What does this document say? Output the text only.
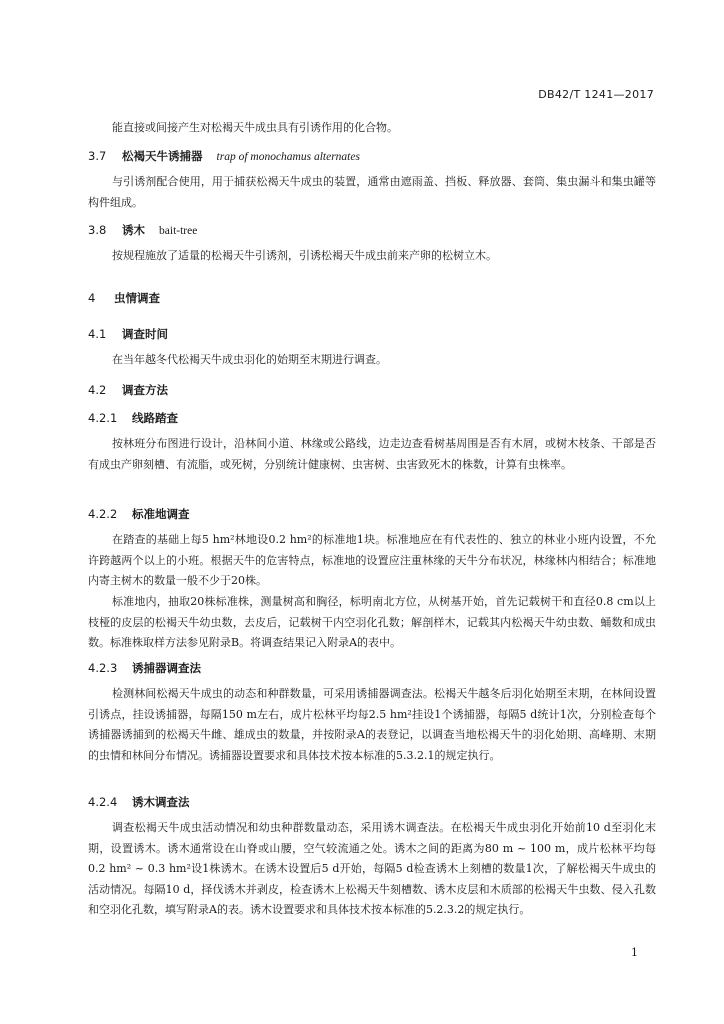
DB42/T 1241—2017
能直接或间接产生对松褐天牛成虫具有引诱作用的化合物。
3.7 松褐天牛诱捕器 trap of monochamus alternates
与引诱剂配合使用，用于捕获松褐天牛成虫的装置，通常由遮雨盖、挡板、释放器、套筒、集虫漏斗和集虫罐等构件组成。
3.8 诱木 bait-tree
按规程施放了适量的松褐天牛引诱剂，引诱松褐天牛成虫前来产卵的松树立木。
4 虫情调查
4.1 调查时间
在当年越冬代松褐天牛成虫羽化的始期至末期进行调查。
4.2 调查方法
4.2.1 线路踏查
按林班分布图进行设计，沿林间小道、林缘或公路线，边走边查看树基周围是否有木屑，或树木枝条、干部是否有成虫产卵刻槽、有流脂，或死树，分别统计健康树、虫害树、虫害致死木的株数，计算有虫株率。
4.2.2 标准地调查
在踏查的基础上每5 hm²林地设0.2 hm²的标准地1块。标准地应在有代表性的、独立的林业小班内设置，不允许跨越两个以上的小班。根据天牛的危害特点，标准地的设置应注重林缘的天牛分布状况，林缘林内相结合；标准地内寄主树木的数量一般不少于20株。
标准地内，抽取20株标准株，测量树高和胸径，标明南北方位，从树基开始，首先记载树干和直径0.8 cm以上枝桠的皮层的松褐天牛幼虫数，去皮后，记载树干内空羽化孔数；解剖样木，记载其内松褐天牛幼虫数、蛹数和成虫数。标准株取样方法参见附录B。将调查结果记入附录A的表中。
4.2.3 诱捕器调查法
检测林间松褐天牛成虫的动态和种群数量，可采用诱捕器调查法。松褐天牛越冬后羽化始期至末期，在林间设置引诱点，挂设诱捕器，每隔150 m左右，成片松林平均每2.5 hm²挂设1个诱捕器，每隔5 d统计1次，分别检查每个诱捕器诱捕到的松褐天牛雌、雄成虫的数量，并按附录A的表登记，以调查当地松褐天牛的羽化始期、高峰期、末期的虫情和林间分布情况。诱捕器设置要求和具体技术按本标准的5.3.2.1的规定执行。
4.2.4 诱木调查法
调查松褐天牛成虫活动情况和幼虫种群数量动态，采用诱木调查法。在松褐天牛成虫羽化开始前10 d至羽化末期，设置诱木。诱木通常设在山脊或山腰，空气较流通之处。诱木之间的距离为80 m ~ 100 m，成片松林平均每0.2 hm² ~ 0.3 hm²设1株诱木。在诱木设置后5 d开始，每隔5 d检查诱木上刻槽的数量1次，了解松褐天牛成虫的活动情况。每隔10 d，择伐诱木并剥皮，检查诱木上松褐天牛刻槽数、诱木皮层和木质部的松褐天牛虫数、侵入孔数和空羽化孔数，填写附录A的表。诱木设置要求和具体技术按本标准的5.2.3.2的规定执行。
1
